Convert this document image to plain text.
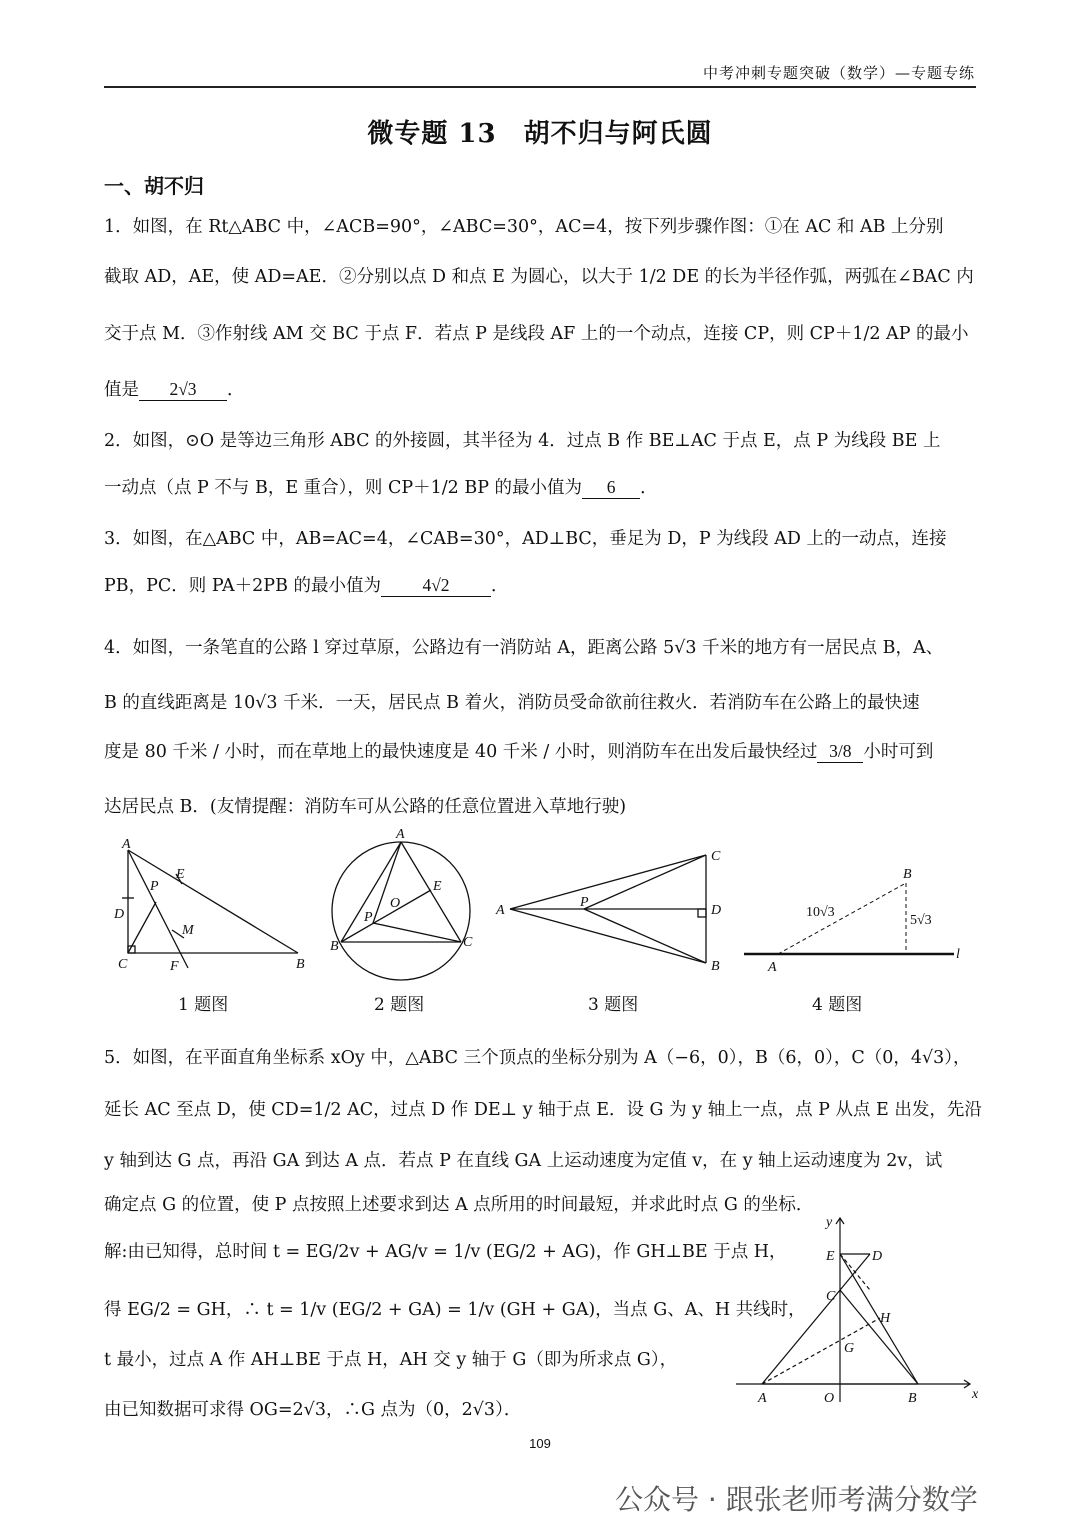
中考冲刺专题突破（数学）—专题专练
微专题 13　胡不归与阿氏圆
一、胡不归
1．如图，在 Rt△ABC 中，∠ACB=90°，∠ABC=30°，AC=4，按下列步骤作图：①在 AC 和 AB 上分别
截取 AD，AE，使 AD=AE．②分别以点 D 和点 E 为圆心，以大于 1/2 DE 的长为半径作弧，两弧在∠BAC 内
交于点 M．③作射线 AM 交 BC 于点 F．若点 P 是线段 AF 上的一个动点，连接 CP，则 CP＋1/2 AP 的最小
值是 2√3 ．
2．如图，⊙O 是等边三角形 ABC 的外接圆，其半径为 4．过点 B 作 BE⊥AC 于点 E，点 P 为线段 BE 上
一动点（点 P 不与 B，E 重合），则 CP＋1/2 BP 的最小值为 6 ．
3．如图，在△ABC 中，AB=AC=4，∠CAB=30°，AD⊥BC，垂足为 D，P 为线段 AD 上的一动点，连接
PB，PC．则 PA＋2PB 的最小值为 4√2 ．
4．如图，一条笔直的公路 l 穿过草原，公路边有一消防站 A，距离公路 5√3 千米的地方有一居民点 B，A、
B 的直线距离是 10√3 千米．一天，居民点 B 着火，消防员受命欲前往救火．若消防车在公路上的最快速
度是 80 千米 / 小时，而在草地上的最快速度是 40 千米 / 小时，则消防车在出发后最快经过 3/8 小时可到
达居民点 B．(友情提醒：消防车可从公路的任意位置进入草地行驶)
A
D
P
E
M
C	F	B
A
B	C
E
O
P	A
P
C
D
B	A
B
l
10√3
5√3
1 题图	2 题图	3 题图	4 题图
5．如图，在平面直角坐标系 xOy 中，△ABC 三个顶点的坐标分别为 A（−6，0），B（6，0），C（0，4√3），
延长 AC 至点 D，使 CD=1/2 AC，过点 D 作 DE⊥ y 轴于点 E．设 G 为 y 轴上一点，点 P 从点 E 出发，先沿
y 轴到达 G 点，再沿 GA 到达 A 点．若点 P 在直线 GA 上运动速度为定值 v，在 y 轴上运动速度为 2v，试
确定点 G 的位置，使 P 点按照上述要求到达 A 点所用的时间最短，并求此时点 G 的坐标．
解:由已知得，总时间 t = EG/2v + AG/v = 1/v (EG/2 + AG)，作 GH⊥BE 于点 H，
得 EG/2 = GH，∴ t = 1/v (EG/2 + GA) = 1/v (GH + GA)，当点 G、A、H 共线时，
t 最小，过点 A 作 AH⊥BE 于点 H，AH 交 y 轴于 G（即为所求点 G），
由已知数据可求得 OG=2√3，∴G 点为（0，2√3）．
y
x
E	D
C
H
G
A	O	B
109
公众号 · 跟张老师考满分数学
